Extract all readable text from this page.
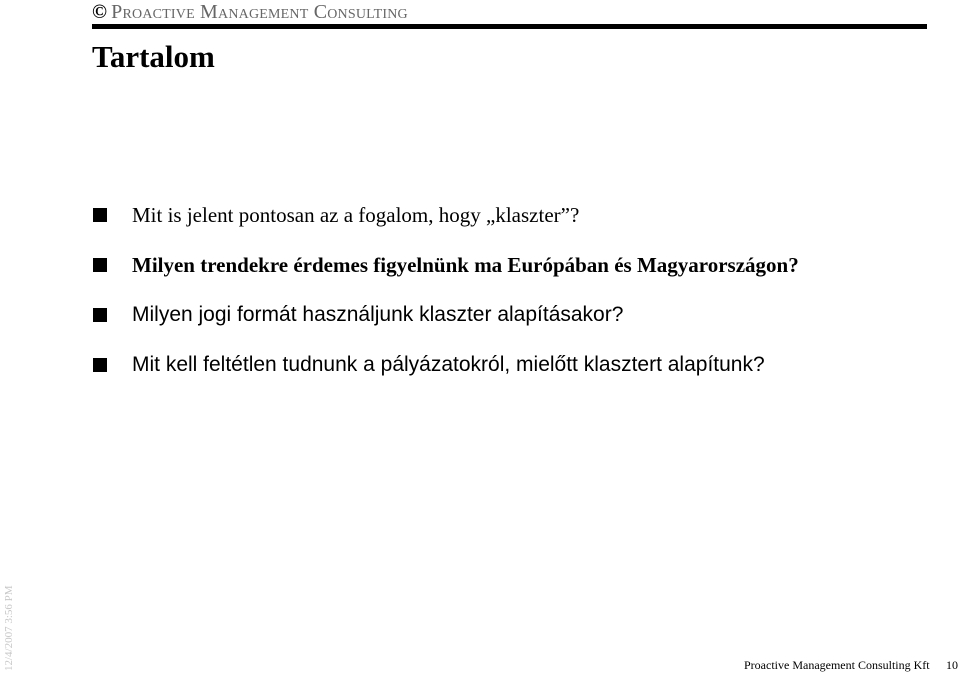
© Proactive Management Consulting
Tartalom
Mit is jelent pontosan az a fogalom, hogy „klaszter”?
Milyen trendekre érdemes figyelnünk ma Európában és Magyarországon?
Milyen jogi formát használjunk klaszter alapításakor?
Mit kell feltétlen tudnunk a pályázatokról, mielőtt klasztert alapítunk?
12/4/2007 3:56 PM	Proactive Management Consulting Kft 10
